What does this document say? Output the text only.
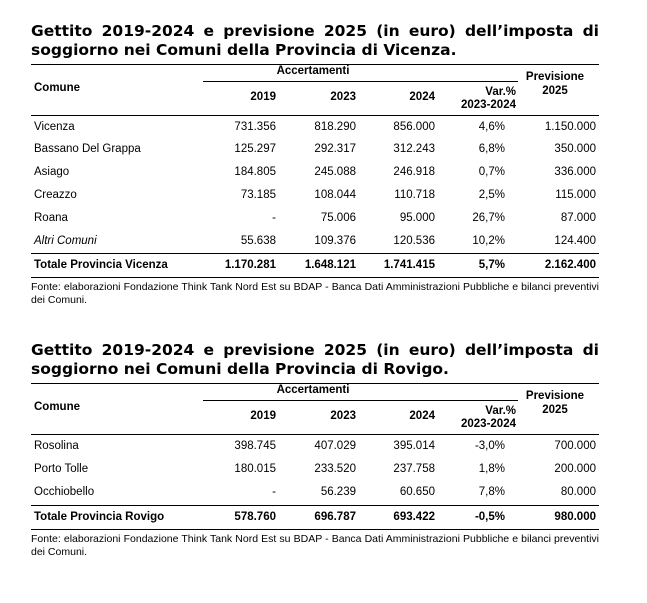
Gettito 2019-2024 e previsione 2025 (in euro) dell’imposta di soggiorno nei Comuni della Provincia di Vicenza.

Comune
Accertamenti
2019	2023	2024	Var.%
2023-2024
Previsione
2025
Vicenza	731.356	818.290	856.000	4,6%	1.150.000
Bassano Del Grappa	125.297	292.317	312.243	6,8%	350.000
Asiago	184.805	245.088	246.918	0,7%	336.000
Creazzo	73.185	108.044	110.718	2,5%	115.000
Roana	-	75.006	95.000	26,7%	87.000
Altri Comuni	55.638	109.376	120.536	10,2%	124.400
Totale Provincia Vicenza	1.170.281	1.648.121	1.741.415	5,7%	2.162.400

Fonte: elaborazioni Fondazione Think Tank Nord Est su BDAP - Banca Dati Amministrazioni Pubbliche e bilanci preventivi dei Comuni.

Gettito 2019-2024 e previsione 2025 (in euro) dell’imposta di soggiorno nei Comuni della Provincia di Rovigo.

Comune
Accertamenti
2019	2023	2024	Var.%
2023-2024
Previsione
2025
Rosolina	398.745	407.029	395.014	-3,0%	700.000
Porto Tolle	180.015	233.520	237.758	1,8%	200.000
Occhiobello	-	56.239	60.650	7,8%	80.000
Totale Provincia Rovigo	578.760	696.787	693.422	-0,5%	980.000

Fonte: elaborazioni Fondazione Think Tank Nord Est su BDAP - Banca Dati Amministrazioni Pubbliche e bilanci preventivi dei Comuni.
